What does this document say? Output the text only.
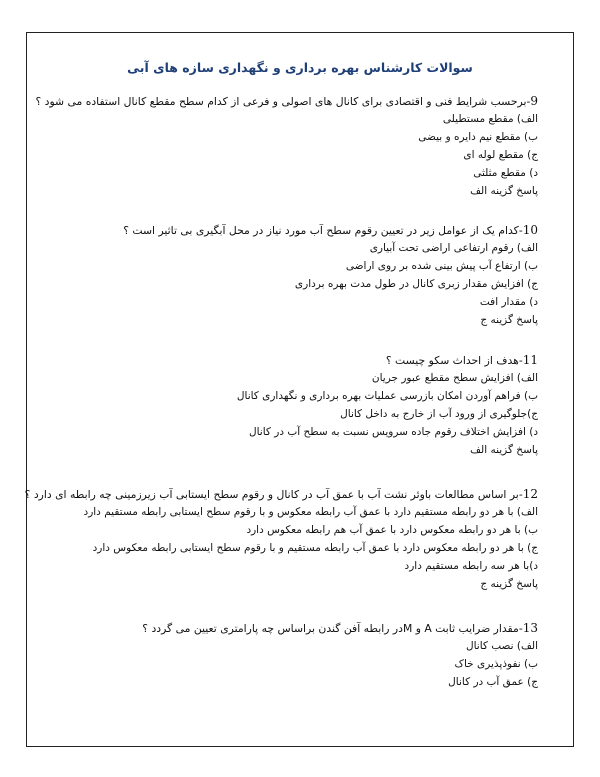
سوالات کارشناس بهره برداری و نگهداری سازه های آبی
9-برحسب شرایط فنی و اقتصادی برای کانال های اصولی و فرعی از کدام سطح مقطع کانال استفاده می شود ؟
الف) مقطع مستطیلی
ب) مقطع نیم دایره و بیضی
ج) مقطع لوله ای
د) مقطع مثلثی
پاسخ گزینه الف
10-کدام یک از عوامل زیر در تعیین رقوم سطح آب مورد نیاز در محل آبگیری بی تاثیر است ؟
الف) رقوم ارتفاعی اراضی تحت آبیاری
ب) ارتفاع آب پیش بینی شده بر روی اراضی
ج) افزایش مقدار زبری کانال در طول مدت بهره برداری
د) مقدار افت
پاسخ گزینه ج
11-هدف از احداث سکو چیست ؟
الف) افزایش سطح مقطع عبور جریان
ب) فراهم آوردن امکان بازرسی عملیات بهره برداری و نگهداری کانال
ج)جلوگیری از ورود آب از خارج به داخل کانال
د) افزایش اختلاف رقوم جاده سرویس نسبت به سطح آب در کانال
پاسخ گزینه الف
12-بر اساس مطالعات باوئر نشت آب با عمق آب در کانال و رقوم سطح ایستابی آب زیرزمینی چه رابطه ای دارد ؟
الف) با هر دو رابطه مستقیم دارد با عمق آب رابطه معکوس و با رقوم سطح ایستابی رابطه مستقیم دارد
ب) با هر دو رابطه معکوس دارد با عمق آب هم رابطه معکوس دارد
ج) با هر دو رابطه معکوس دارد با عمق آب رابطه مستقیم و با رقوم سطح ایستابی رابطه معکوس دارد
د)با هر سه رابطه مستقیم دارد
پاسخ گزینه ج
13-مقدار ضرایب ثابت A و Mدر رابطه آفن گندن براساس چه پارامتری تعیین می گردد ؟
الف) نصب کانال
ب) نفوذپذیری خاک
ج) عمق آب در کانال
